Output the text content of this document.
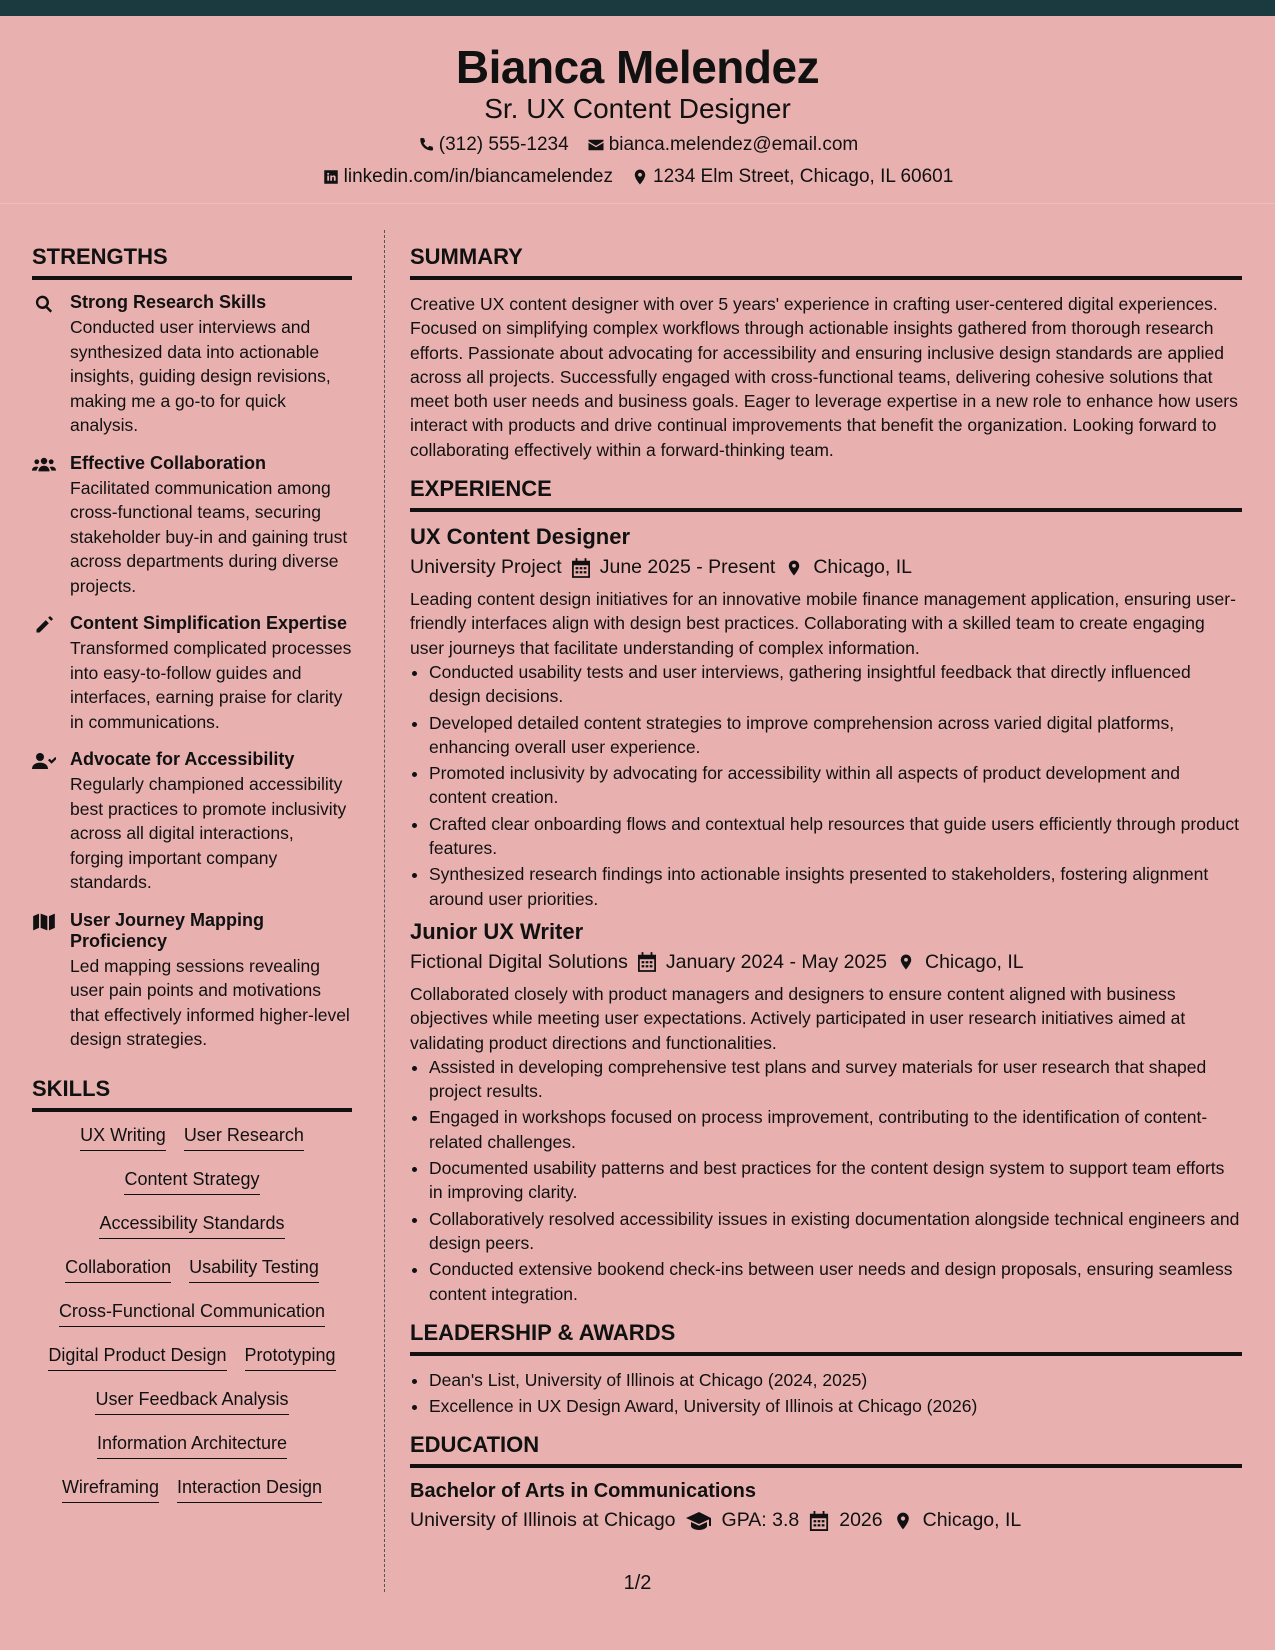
Bianca Melendez
Sr. UX Content Designer
(312) 555-1234 bianca.melendez@email.com
linkedin.com/in/biancamelendez 1234 Elm Street, Chicago, IL 60601
STRENGTHS
Strong Research Skills
Conducted user interviews and synthesized data into actionable insights, guiding design revisions, making me a go-to for quick analysis.
Effective Collaboration
Facilitated communication among cross-functional teams, securing stakeholder buy-in and gaining trust across departments during diverse projects.
Content Simplification Expertise
Transformed complicated processes into easy-to-follow guides and interfaces, earning praise for clarity in communications.
Advocate for Accessibility
Regularly championed accessibility best practices to promote inclusivity across all digital interactions, forging important company standards.
User Journey Mapping Proficiency
Led mapping sessions revealing user pain points and motivations that effectively informed higher-level design strategies.
SKILLS
UX Writing User Research
Content Strategy
Accessibility Standards
Collaboration Usability Testing
Cross-Functional Communication
Digital Product Design Prototyping
User Feedback Analysis
Information Architecture
Wireframing Interaction Design
SUMMARY

Creative UX content designer with over 5 years' experience in crafting user-centered digital experiences. Focused on simplifying complex workflows through actionable insights gathered from thorough research efforts. Passionate about advocating for accessibility and ensuring inclusive design standards are applied across all projects. Successfully engaged with cross-functional teams, delivering cohesive solutions that meet both user needs and business goals. Eager to leverage expertise in a new role to enhance how users interact with products and drive continual improvements that benefit the organization. Looking forward to collaborating effectively within a forward-thinking team.

EXPERIENCE
UX Content Designer
University Project June 2025 - Present Chicago, IL

Leading content design initiatives for an innovative mobile finance management application, ensuring user-friendly interfaces align with design best practices. Collaborating with a skilled team to create engaging user journeys that facilitate understanding of complex information.

• Conducted usability tests and user interviews, gathering insightful feedback that directly influenced design decisions.
• Developed detailed content strategies to improve comprehension across varied digital platforms, enhancing overall user experience.
• Promoted inclusivity by advocating for accessibility within all aspects of product development and content creation.
• Crafted clear onboarding flows and contextual help resources that guide users efficiently through product features.
• Synthesized research findings into actionable insights presented to stakeholders, fostering alignment around user priorities.
Junior UX Writer
Fictional Digital Solutions January 2024 - May 2025 Chicago, IL

Collaborated closely with product managers and designers to ensure content aligned with business objectives while meeting user expectations. Actively participated in user research initiatives aimed at validating product directions and functionalities.

• Assisted in developing comprehensive test plans and survey materials for user research that shaped project results.
• Engaged in workshops focused on process improvement, contributing to the identification of content-related challenges.
• Documented usability patterns and best practices for the content design system to support team efforts in improving clarity.
• Collaboratively resolved accessibility issues in existing documentation alongside technical engineers and design peers.
• Conducted extensive bookend check-ins between user needs and design proposals, ensuring seamless content integration.
LEADERSHIP & AWARDS
• Dean's List, University of Illinois at Chicago (2024, 2025)
• Excellence in UX Design Award, University of Illinois at Chicago (2026)
EDUCATION
Bachelor of Arts in Communications
University of Illinois at Chicago GPA: 3.8 2026 Chicago, IL
1/2
